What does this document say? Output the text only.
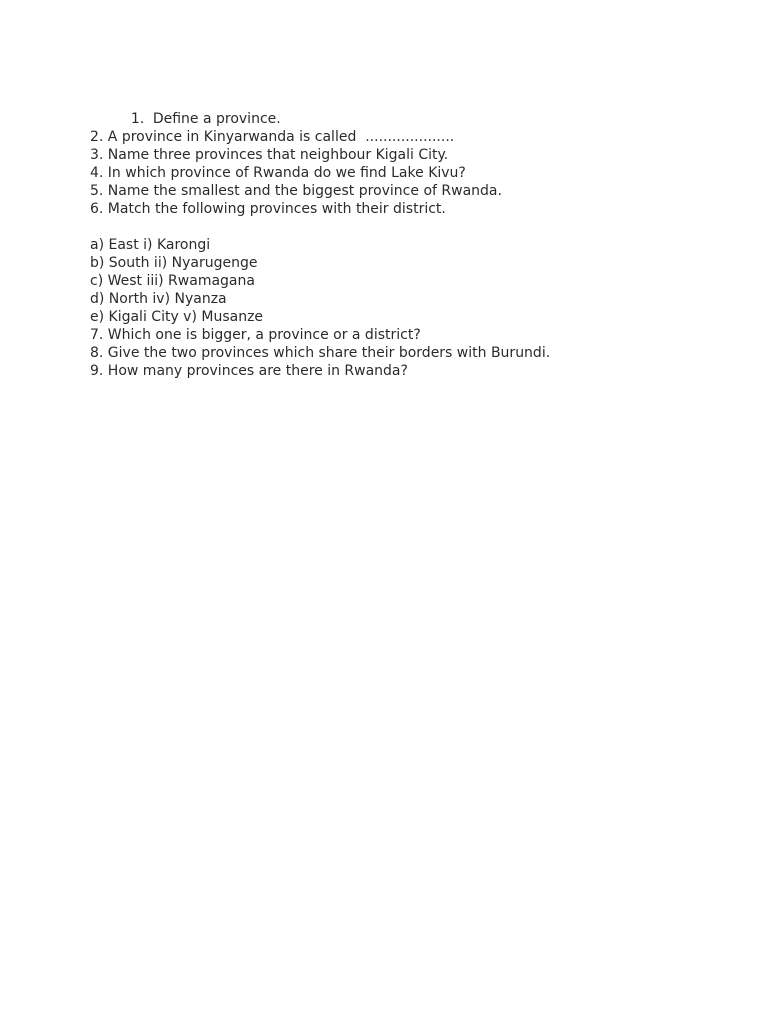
1. Define a province.

2. A province in Kinyarwanda is called  ....................
3. Name three provinces that neighbour Kigali City.
4. In which province of Rwanda do we find Lake Kivu?
5. Name the smallest and the biggest province of Rwanda.
6. Match the following provinces with their district.
a) East i) Karongi
b) South ii) Nyarugenge
c) West iii) Rwamagana
d) North iv) Nyanza
e) Kigali City v) Musanze
7. Which one is bigger, a province or a district?
8. Give the two provinces which share their borders with Burundi.
9. How many provinces are there in Rwanda?
